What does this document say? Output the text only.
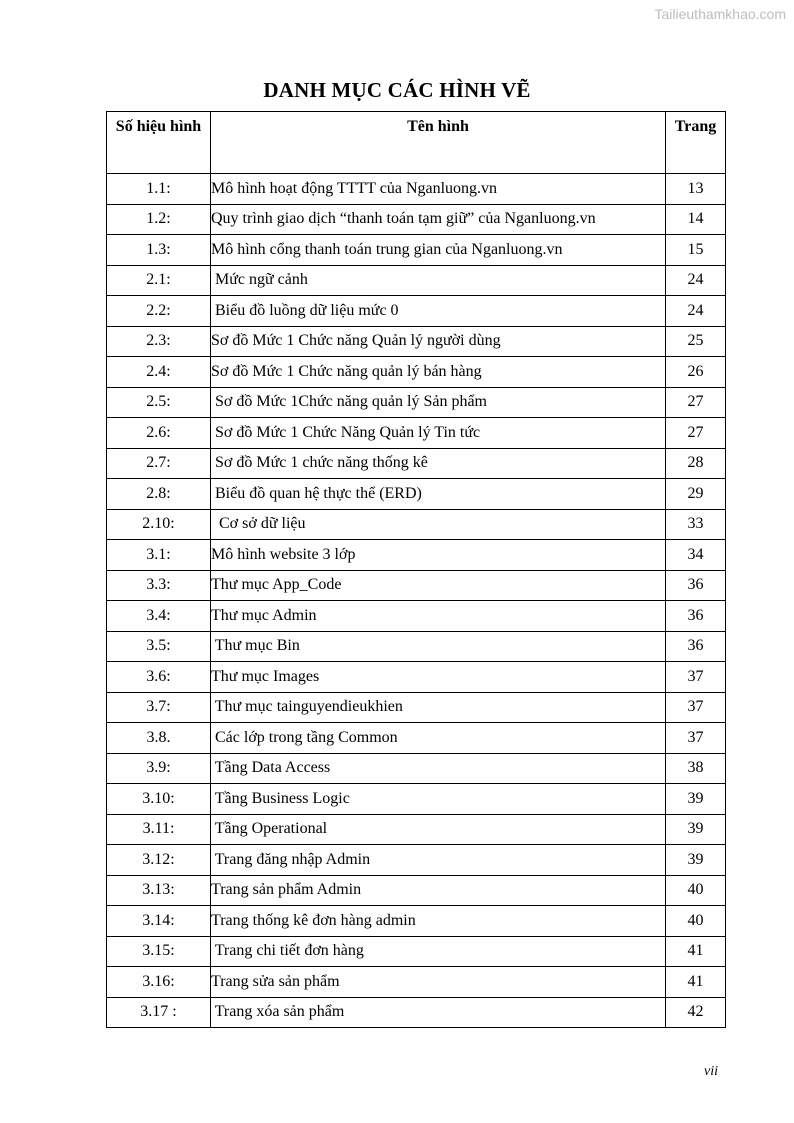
Tailieuthamkhao.com
DANH MỤC CÁC HÌNH VẼ
Số hiệu hình	Tên hình	Trang
1.1:	Mô hình hoạt động TTTT của Nganluong.vn	13
1.2:	Quy trình giao dịch “thanh toán tạm giữ” của Nganluong.vn	14
1.3:	Mô hình cổng thanh toán trung gian của Nganluong.vn	15
2.1:	Mức ngữ cảnh	24
2.2:	Biểu đồ luồng dữ liệu mức 0	24
2.3:	Sơ đồ Mức 1 Chức năng Quản lý người dùng	25
2.4:	Sơ đồ Mức 1 Chức năng quản lý bán hàng	26
2.5:	Sơ đồ Mức 1Chức năng quản lý Sản phẩm	27
2.6:	Sơ đồ Mức 1 Chức Năng Quản lý Tin tức	27
2.7:	Sơ đồ Mức 1 chức năng thống kê	28
2.8:	Biểu đồ quan hệ thực thể (ERD)	29
2.10:	Cơ sở dữ liệu	33
3.1:	Mô hình website 3 lớp	34
3.3:	Thư mục App_Code	36
3.4:	Thư mục Admin	36
3.5:	Thư mục Bin	36
3.6:	Thư mục Images	37
3.7:	Thư mục tainguyendieukhien	37
3.8.	Các lớp trong tầng Common	37
3.9:	Tầng Data Access	38
3.10:	Tầng Business Logic	39
3.11:	Tầng Operational	39
3.12:	Trang đăng nhập Admin	39
3.13:	Trang sản phẩm Admin	40
3.14:	Trang thống kê đơn hàng admin	40
3.15:	Trang chi tiết đơn hàng	41
3.16:	Trang sửa sản phẩm	41
3.17 :	Trang xóa sản phẩm	42
vii
